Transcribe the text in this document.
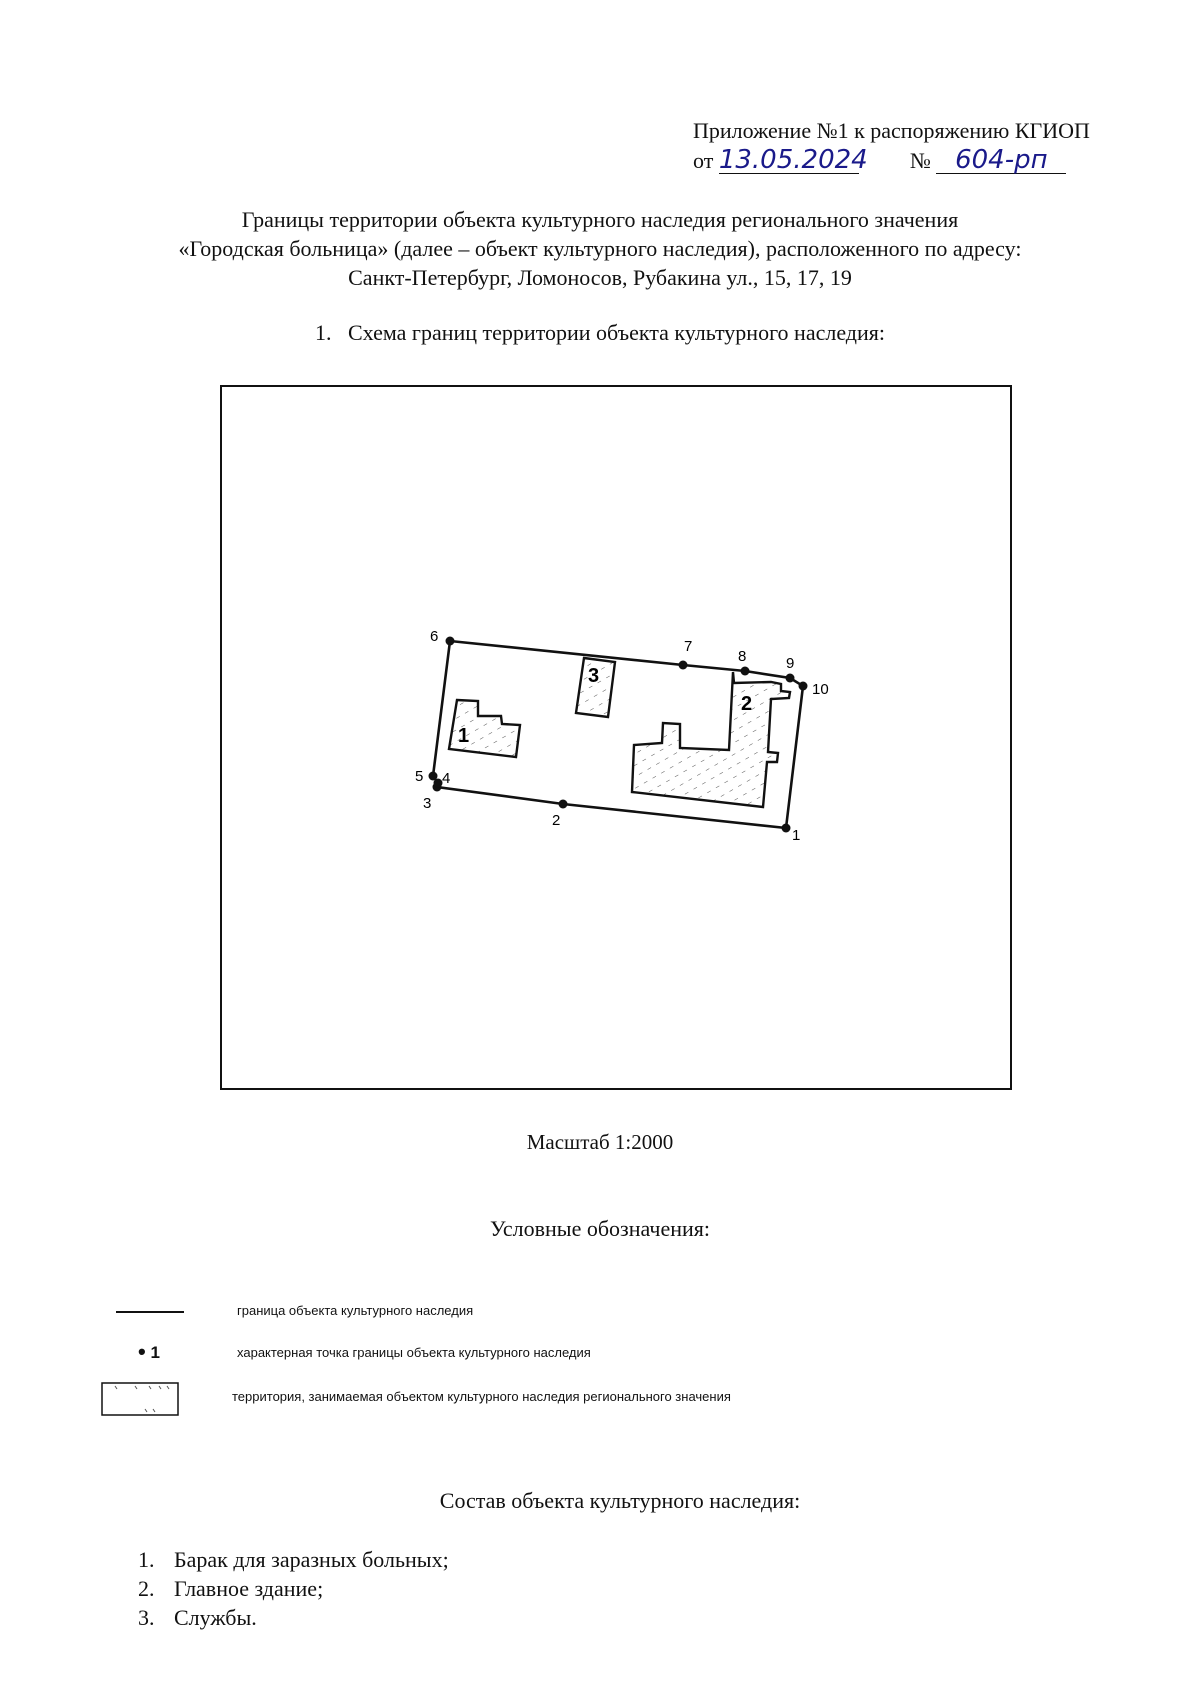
Приложение №1 к распоряжению КГИОП
от 13.05.2024 № 604-рп
Границы территории объекта культурного наследия регионального значения
«Городская больница» (далее – объект культурного наследия), расположенного по адресу:
Санкт-Петербург, Ломоносов, Рубакина ул., 15, 17, 19
1. Схема границ территории объекта культурного наследия:
1
2
3
1
2
3
4
5
6
7
8	9
10
Масштаб 1:2000
Условные обозначения:
граница объекта культурного наследия
• 1	характерная точка границы объекта культурного наследия
территория, занимаемая объектом культурного наследия регионального значения
Состав объекта культурного наследия:
1. Барак для заразных больных;
2. Главное здание;
3. Службы.
